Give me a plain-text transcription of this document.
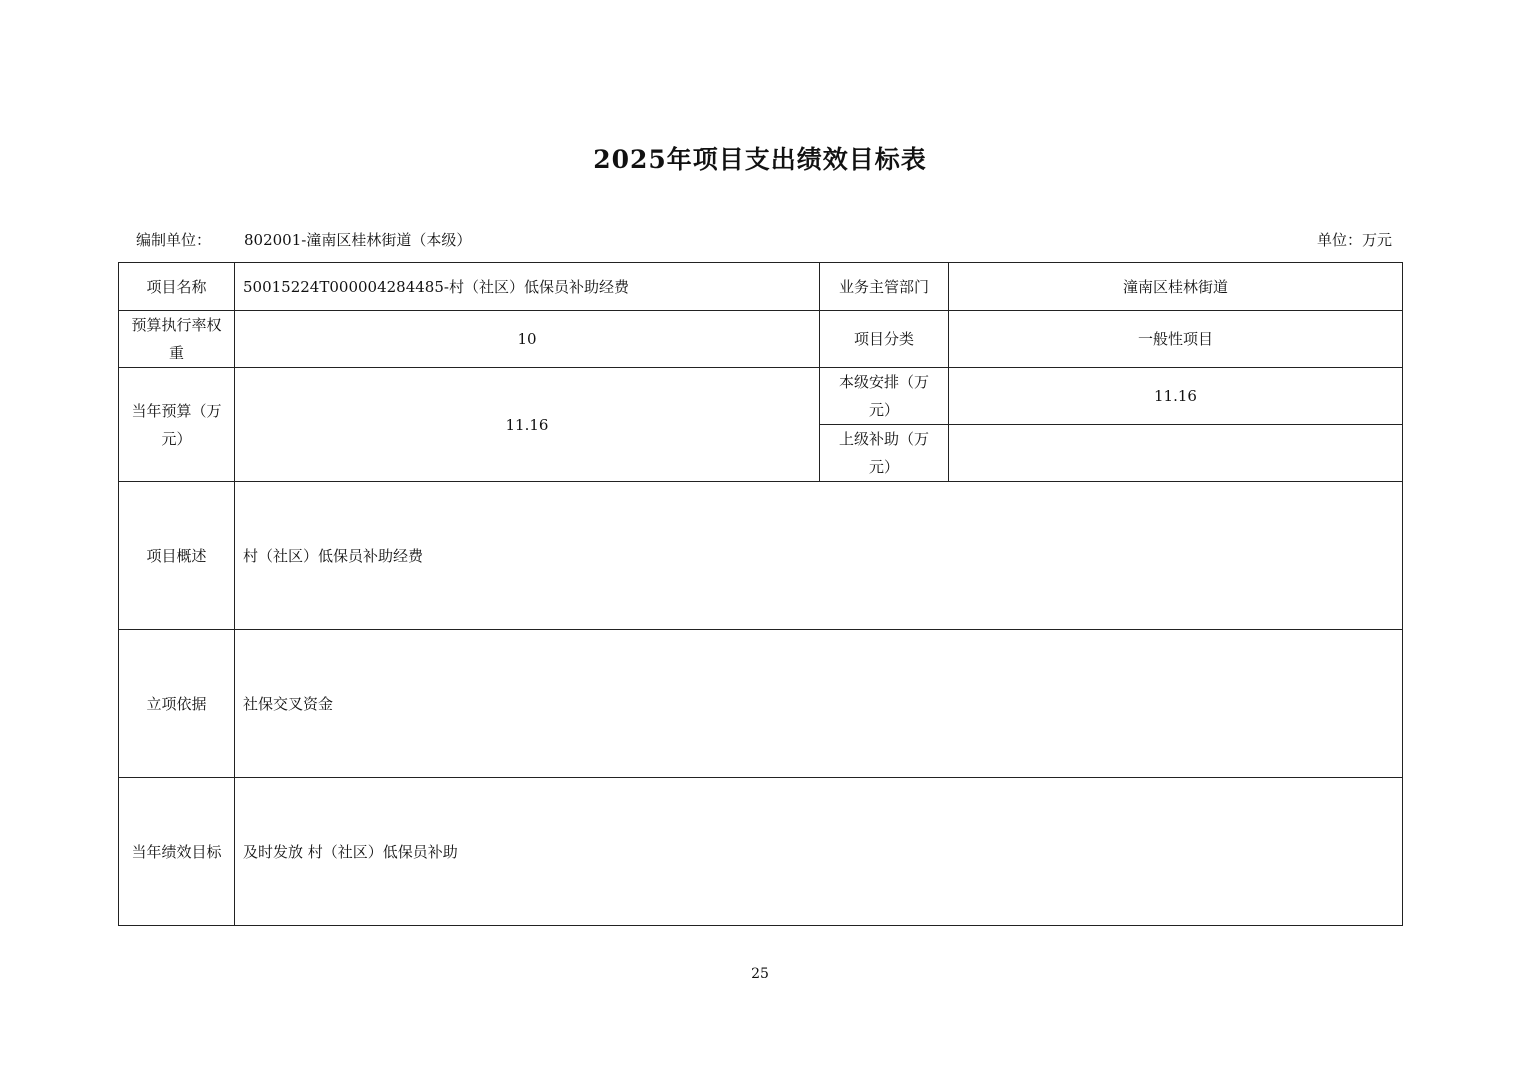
2025年项目支出绩效目标表
编制单位： 802001-潼南区桂林街道（本级）	单位：万元
项目名称	50015224T000004284485-村（社区）低保员补助经费	业务主管部门	潼南区桂林街道
预算执行率权重	10	项目分类	一般性项目
当年预算（万元）	11.16	本级安排（万元）	11.16
		上级补助（万元）	
项目概述	村（社区）低保员补助经费		
立项依据	社保交叉资金		
当年绩效目标	及时发放 村（社区）低保员补助		
25
